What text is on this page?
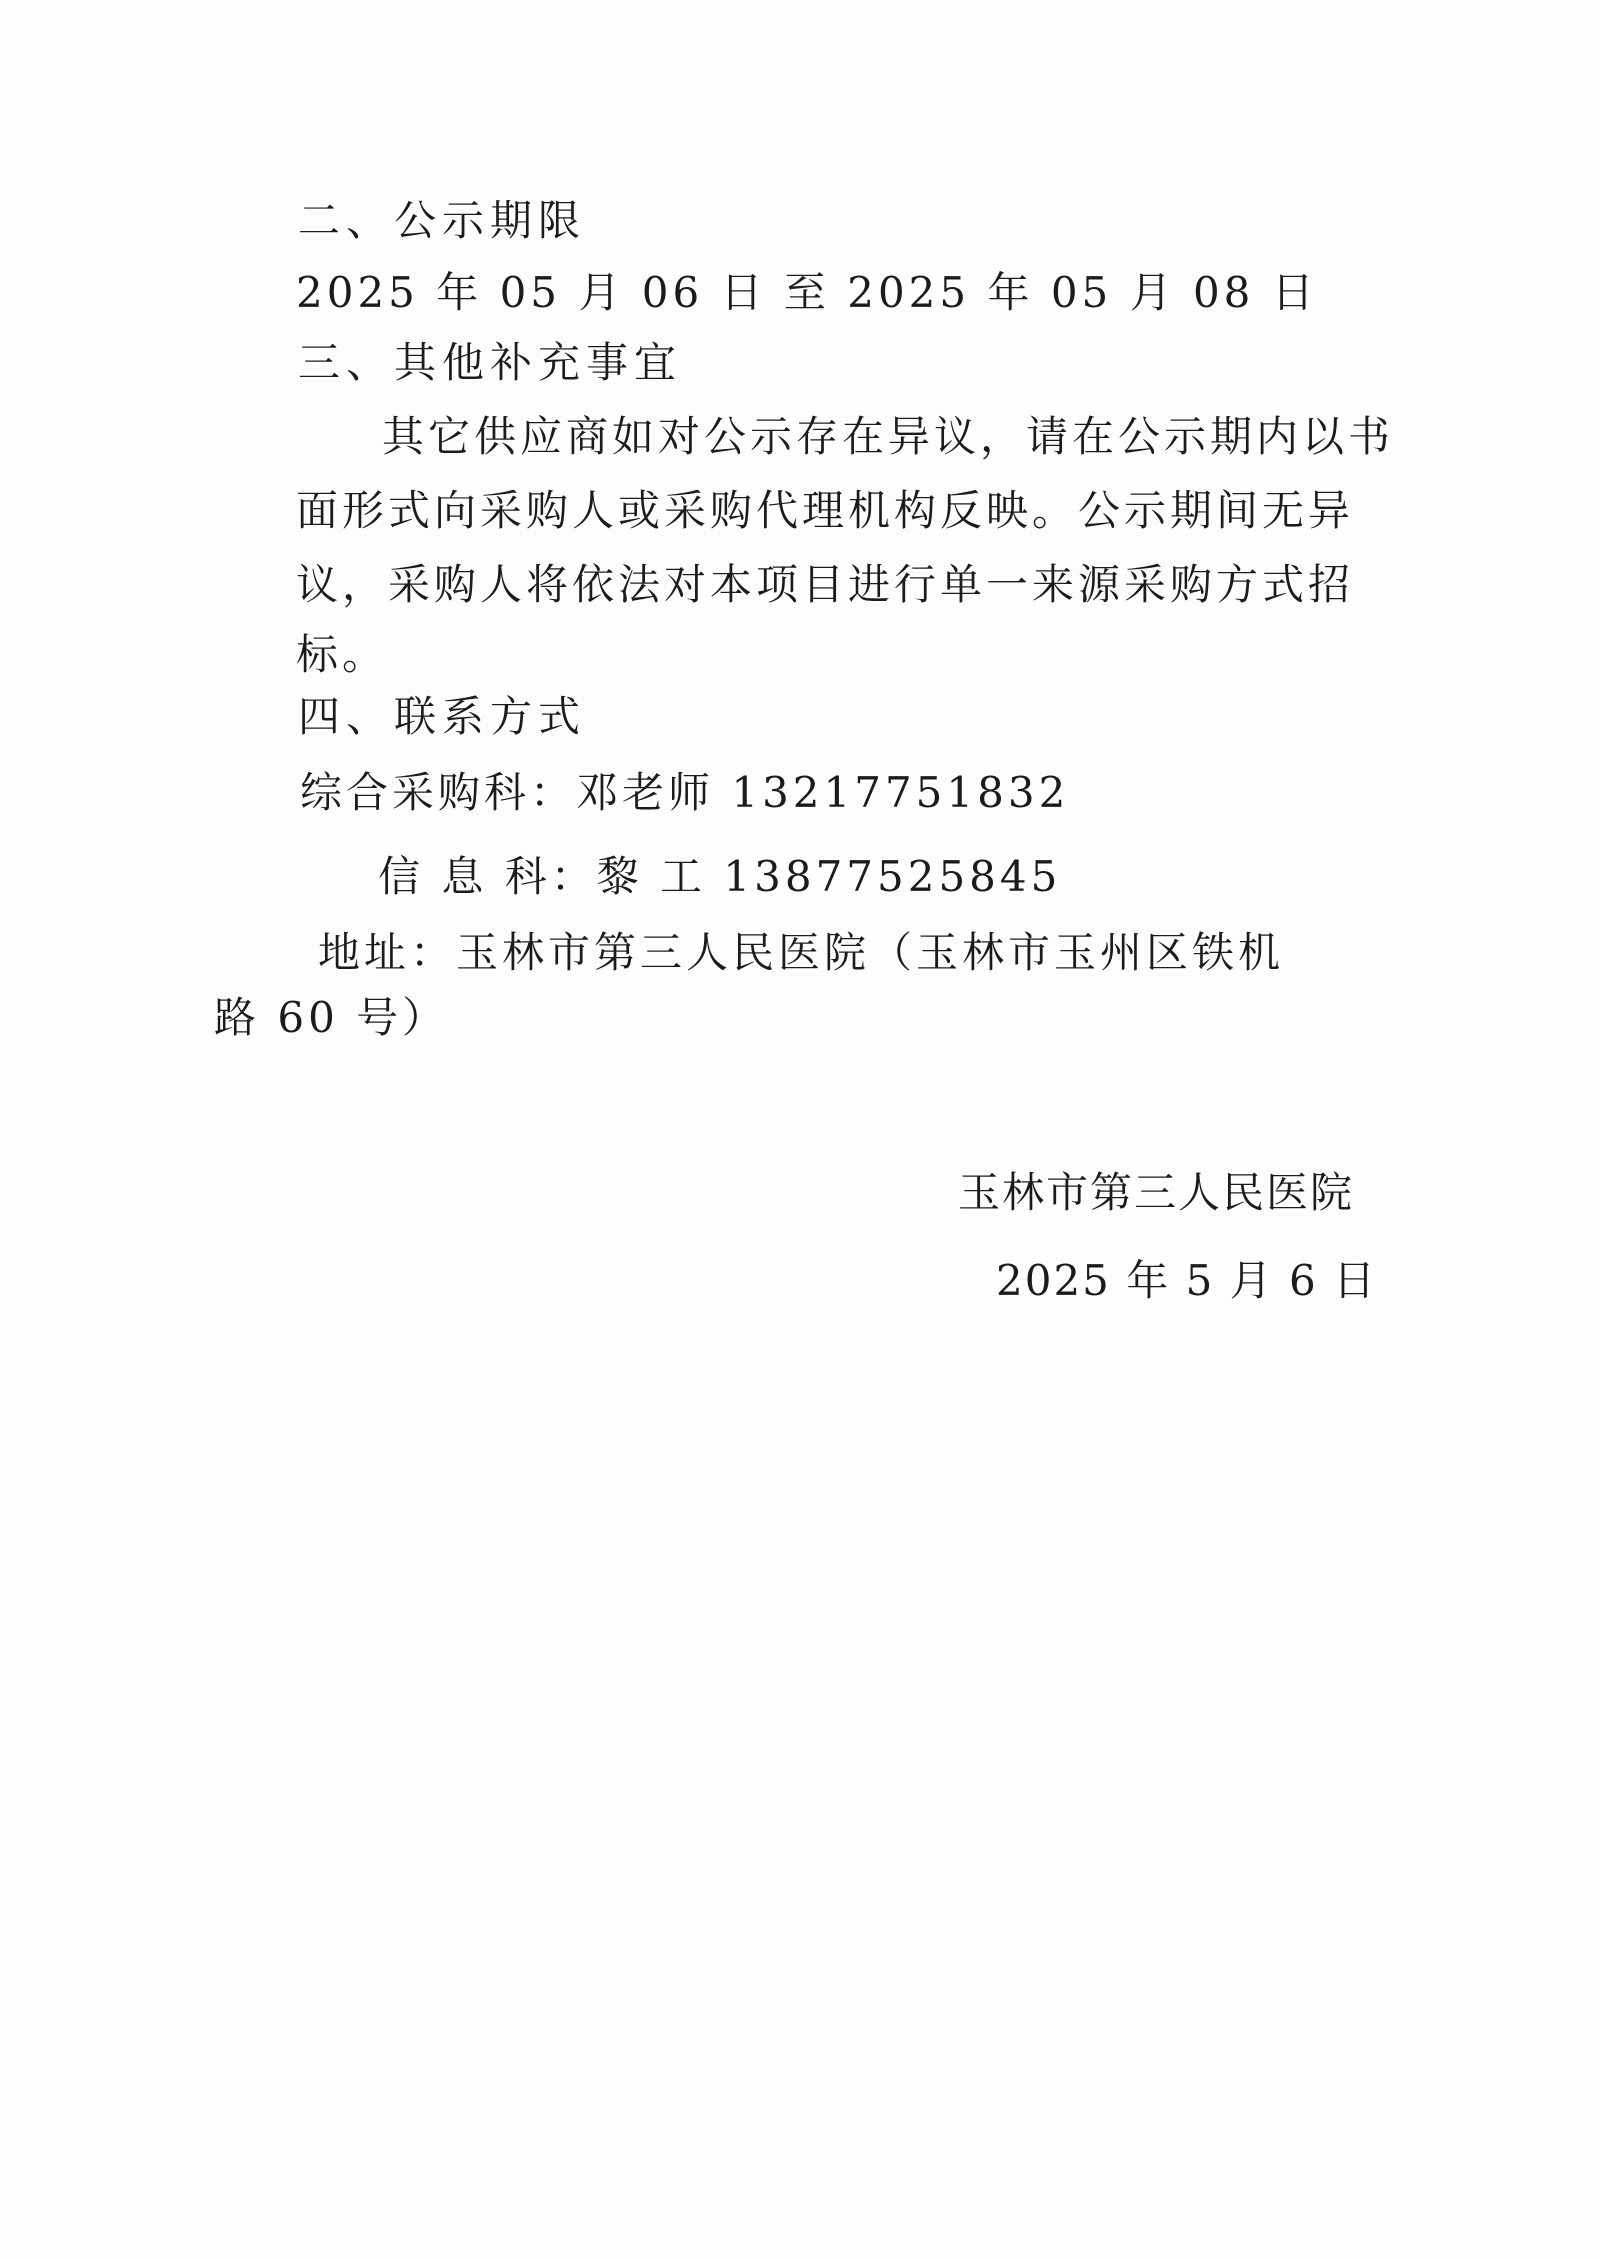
二、公示期限
2025 年 05 月 06 日 至 2025 年 05 月 08 日
三、其他补充事宜
其它供应商如对公示存在异议，请在公示期内以书
面形式向采购人或采购代理机构反映。公示期间无异
议，采购人将依法对本项目进行单一来源采购方式招
标。
四、联系方式
综合采购科：邓老师 13217751832
信 息 科：黎 工 13877525845
地址：玉林市第三人民医院（玉林市玉州区铁机
路 60 号）
玉林市第三人民医院
2025 年 5 月 6 日
